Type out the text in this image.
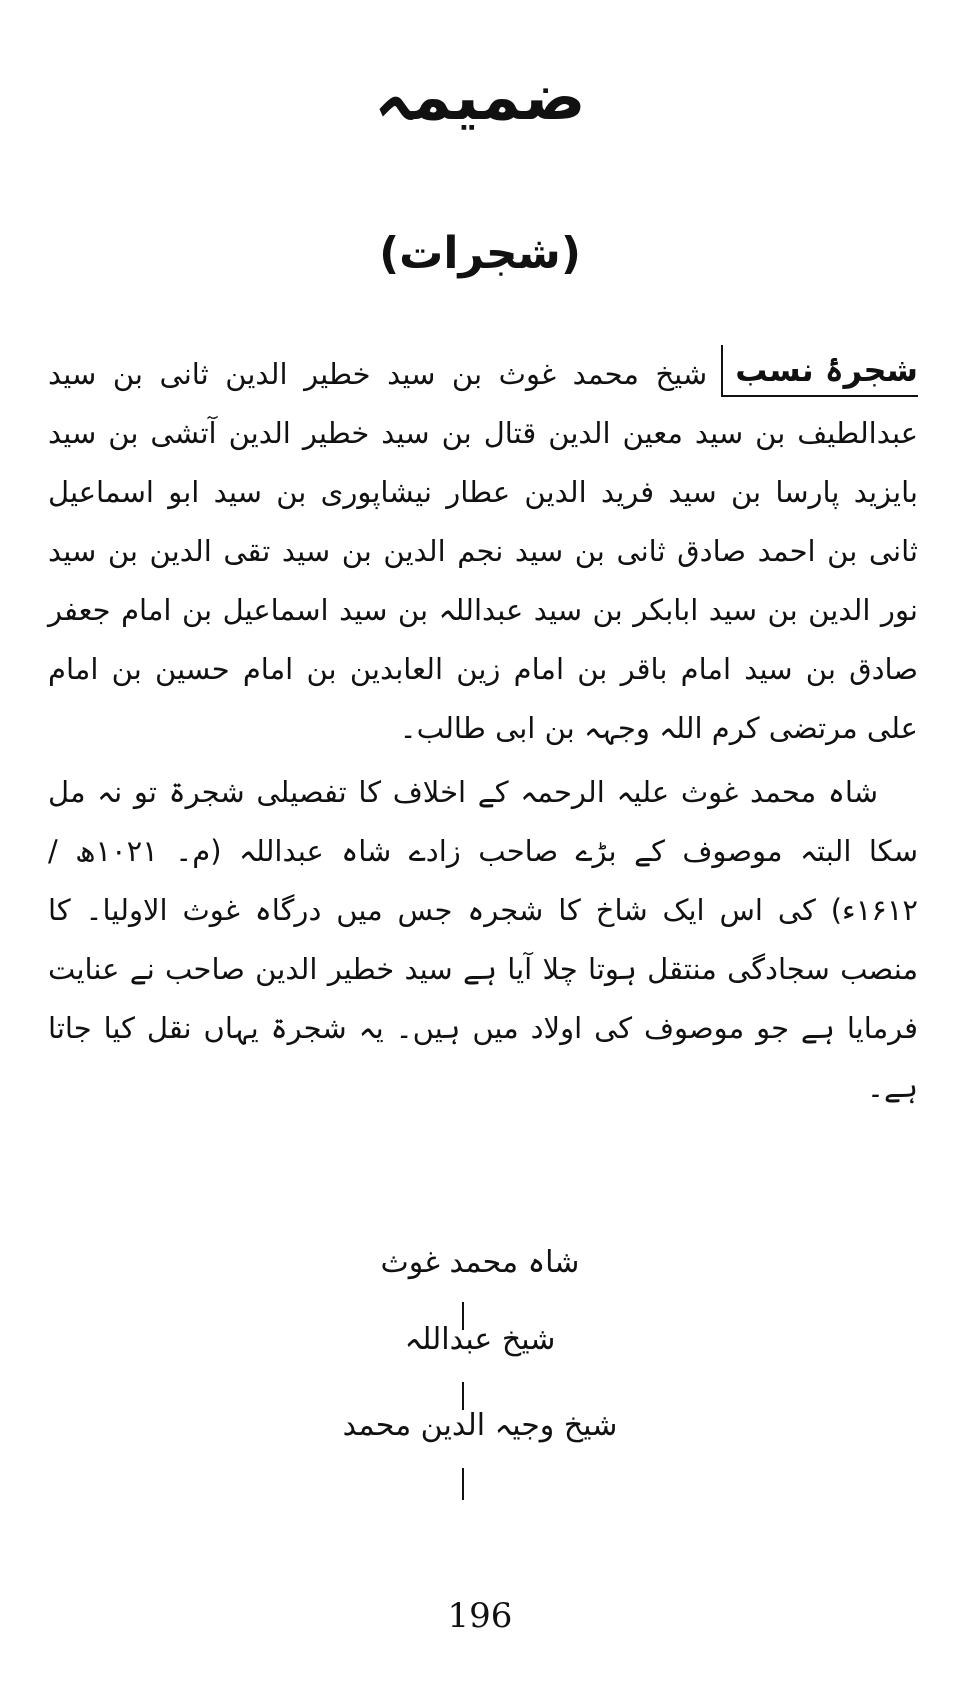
ضمیمہ
(شجرات)
شجرۂ نسب
شیخ محمد غوث بن سید خطیر الدین ثانی بن سید عبدالطیف بن سید معین الدین قتال بن سید خطیر الدین آتشی بن سید بایزید پارسا بن سید فرید الدین عطار نیشاپوری بن سید ابو اسماعیل ثانی بن احمد صادق ثانی بن سید نجم الدین بن سید تقی الدین بن سید نور الدین بن سید ابابکر بن سید عبداللہ بن سید اسماعیل بن امام جعفر صادق بن سید امام باقر بن امام زین العابدین بن امام حسین بن امام علی مرتضی کرم اللہ وجہہ بن ابی طالب۔
شاہ محمد غوث علیہ الرحمہ کے اخلاف کا تفصیلی شجرۃ تو نہ مل سکا البتہ موصوف کے بڑے صاحب زادے شاہ عبداللہ (م۔ ۱۰۲۱ھ / ۱۶۱۲ء) کی اس ایک شاخ کا شجرہ جس میں درگاہ غوث الاولیا۔ کا منصب سجادگی منتقل ہوتا چلا آیا ہے سید خطیر الدین صاحب نے عنایت فرمایا ہے جو موصوف کی اولاد میں ہیں۔ یہ شجرۃ یہاں نقل کیا جاتا ہے۔
شاہ محمد غوث
شیخ عبداللہ
شیخ وجیہ الدین محمد
196
